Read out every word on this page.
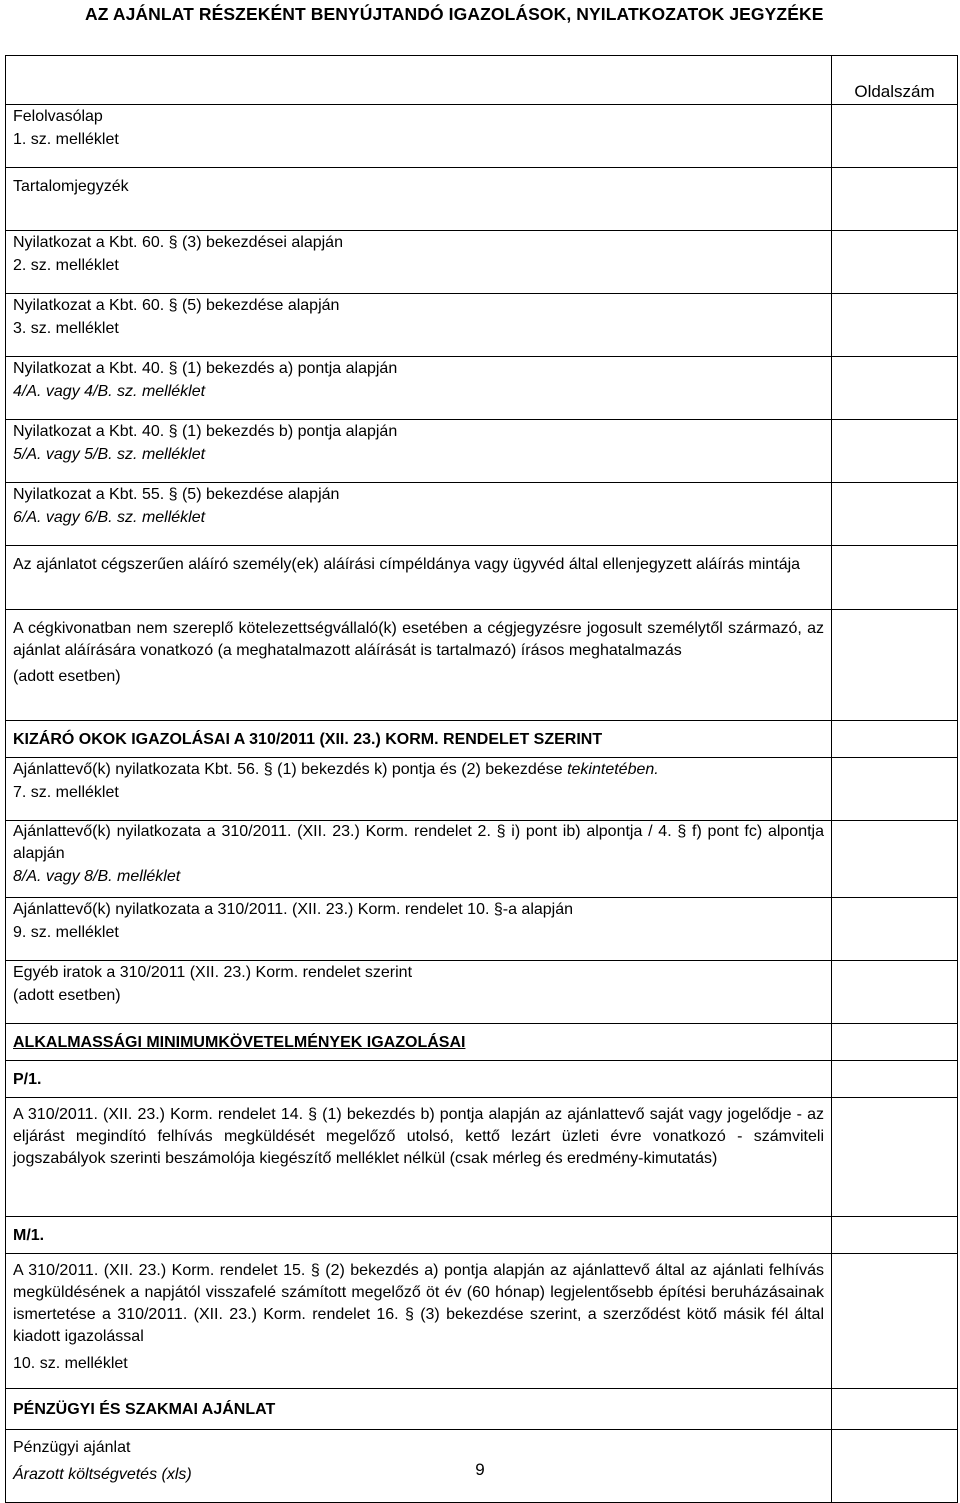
AZ AJÁNLAT RÉSZEKÉNT BENYÚJTANDÓ IGAZOLÁSOK, NYILATKOZATOK JEGYZÉKE
	Oldalszám

Felolvasólap
1. sz. melléklet	

Tartalomjegyzék	

Nyilatkozat a Kbt. 60. § (3) bekezdései alapján
2. sz. melléklet	

Nyilatkozat a Kbt. 60. § (5) bekezdése alapján
3. sz. melléklet	

Nyilatkozat a Kbt. 40. § (1) bekezdés a) pontja alapján
4/A. vagy 4/B. sz. melléklet	

Nyilatkozat a Kbt. 40. § (1) bekezdés b) pontja alapján
5/A. vagy 5/B. sz. melléklet	

Nyilatkozat a Kbt. 55. § (5) bekezdése alapján
6/A. vagy 6/B. sz. melléklet	

Az ajánlatot cégszerűen aláíró személy(ek) aláírási címpéldánya vagy ügyvéd által ellenjegyzett aláírás mintája	

A cégkivonatban nem szereplő kötelezettségvállaló(k) esetében a cégjegyzésre jogosult személytől származó, az ajánlat aláírására vonatkozó (a meghatalmazott aláírását is tartalmazó) írásos meghatalmazás
(adott esetben)	

KIZÁRÓ OKOK IGAZOLÁSAI A 310/2011 (XII. 23.) KORM. RENDELET SZERINT	

Ajánlattevő(k) nyilatkozata Kbt. 56. § (1) bekezdés k) pontja és (2) bekezdése tekintetében.
7. sz. melléklet	

Ajánlattevő(k) nyilatkozata a 310/2011. (XII. 23.) Korm. rendelet 2. § i) pont ib) alpontja / 4. § f) pont fc) alpontja alapján
8/A. vagy 8/B. melléklet	

Ajánlattevő(k) nyilatkozata a 310/2011. (XII. 23.) Korm. rendelet 10. §-a alapján
9. sz. melléklet	

Egyéb iratok a 310/2011 (XII. 23.) Korm. rendelet szerint
(adott esetben)	

ALKALMASSÁGI MINIMUMKÖVETELMÉNYEK IGAZOLÁSAI	

P/1.	

A 310/2011. (XII. 23.) Korm. rendelet 14. § (1) bekezdés b) pontja alapján az ajánlattevő saját vagy jogelődje - az eljárást megindító felhívás megküldését megelőző utolsó, kettő lezárt üzleti évre vonatkozó - számviteli jogszabályok szerinti beszámolója kiegészítő melléklet nélkül (csak mérleg és eredmény-kimutatás)	

M/1.	

A 310/2011. (XII. 23.) Korm. rendelet 15. § (2) bekezdés a) pontja alapján az ajánlattevő által az ajánlati felhívás megküldésének a napjától visszafelé számított megelőző öt év (60 hónap) legjelentősebb építési beruházásainak ismertetése a 310/2011. (XII. 23.) Korm. rendelet 16. § (3) bekezdése szerint, a szerződést kötő másik fél által kiadott igazolással
10. sz. melléklet	

PÉNZÜGYI ÉS SZAKMAI AJÁNLAT	

Pénzügyi ajánlat
Árazott költségvetés (xls)	
		9
